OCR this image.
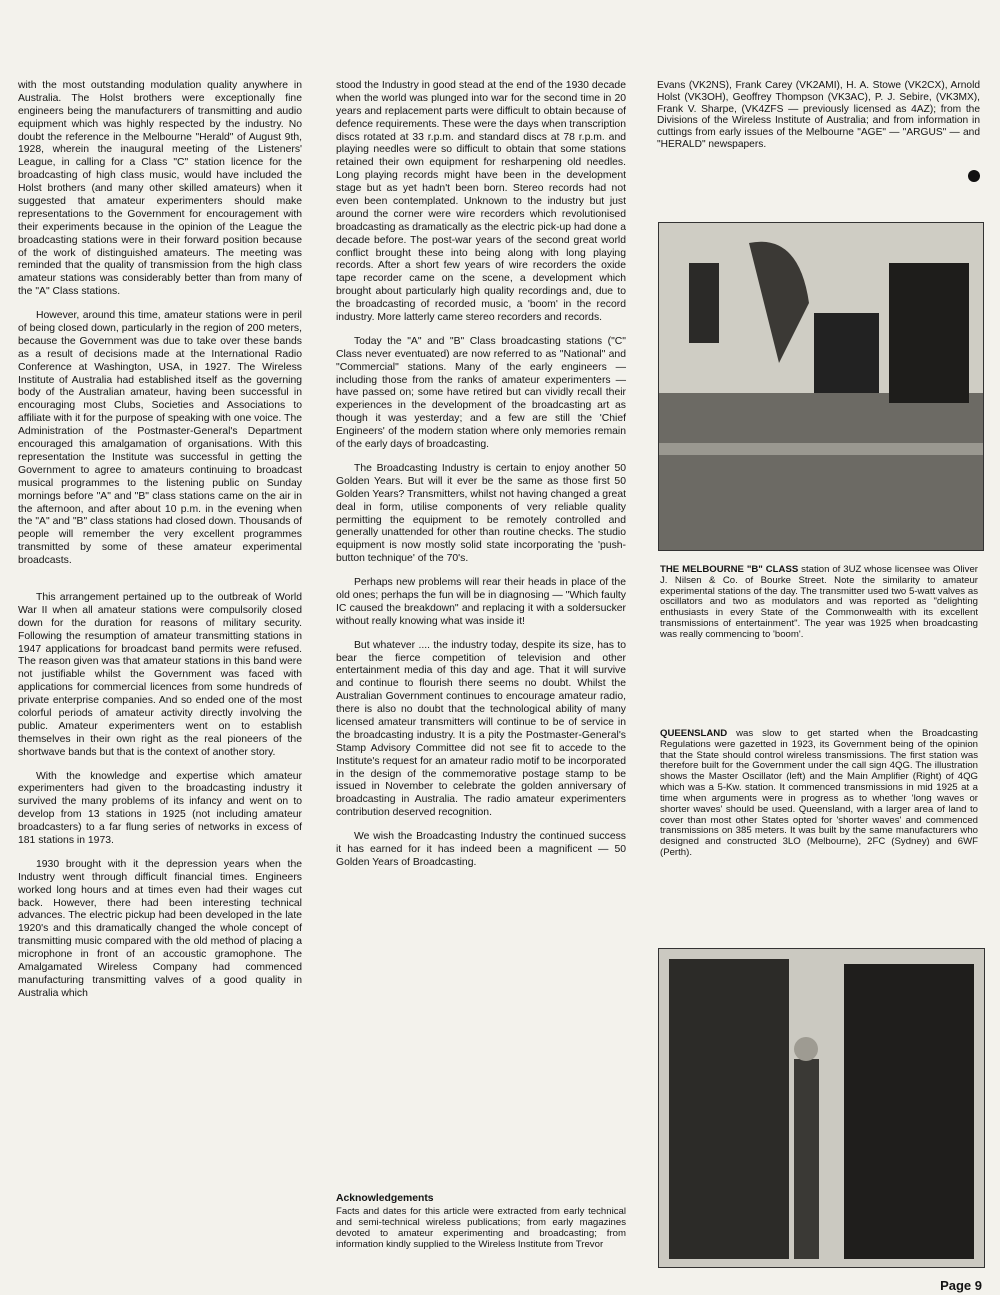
with the most outstanding modulation quality anywhere in Australia. The Holst brothers were exceptionally fine engineers being the manufacturers of transmitting and audio equipment which was highly respected by the industry. No doubt the reference in the Melbourne "Herald" of August 9th, 1928, wherein the inaugural meeting of the Listeners' League, in calling for a Class "C" station licence for the broadcasting of high class music, would have included the Holst brothers (and many other skilled amateurs) when it suggested that amateur experimenters should make representations to the Government for encouragement with their experiments because in the opinion of the League the broadcasting stations were in their forward position because of the work of distinguished amateurs. The meeting was reminded that the quality of transmission from the high class amateur stations was considerably better than from many of the "A" Class stations.

However, around this time, amateur stations were in peril of being closed down, particularly in the region of 200 meters, because the Government was due to take over these bands as a result of decisions made at the International Radio Conference at Washington, USA, in 1927. The Wireless Institute of Australia had established itself as the governing body of the Australian amateur, having been successful in encouraging most Clubs, Societies and Associations to affiliate with it for the purpose of speaking with one voice. The Administration of the Postmaster-General's Department encouraged this amalgamation of organisations. With this representation the Institute was successful in getting the Government to agree to amateurs continuing to broadcast musical programmes to the listening public on Sunday mornings before "A" and "B" class stations came on the air in the afternoon, and after about 10 p.m. in the evening when the "A" and "B" class stations had closed down. Thousands of people will remember the very excellent programmes transmitted by some of these amateur experimental broadcasts.

This arrangement pertained up to the outbreak of World War II when all amateur stations were compulsorily closed down for the duration for reasons of military security. Following the resumption of amateur transmitting stations in 1947 applications for broadcast band permits were refused. The reason given was that amateur stations in this band were not justifiable whilst the Government was faced with applications for commercial licences from some hundreds of private enterprise companies. And so ended one of the most colorful periods of amateur activity directly involving the public. Amateur experimenters went on to establish themselves in their own right as the real pioneers of the shortwave bands but that is the context of another story.

With the knowledge and expertise which amateur experimenters had given to the broadcasting industry it survived the many problems of its infancy and went on to develop from 13 stations in 1925 (not including amateur broadcasters) to a far flung series of networks in excess of 181 stations in 1973.

1930 brought with it the depression years when the Industry went through difficult financial times. Engineers worked long hours and at times even had their wages cut back. However, there had been interesting technical advances. The electric pickup had been developed in the late 1920's and this dramatically changed the whole concept of transmitting music compared with the old method of placing a microphone in front of an accoustic gramophone. The Amalgamated Wireless Company had commenced manufacturing transmitting valves of a good quality in Australia which

stood the Industry in good stead at the end of the 1930 decade when the world was plunged into war for the second time in 20 years and replacement parts were difficult to obtain because of defence requirements. These were the days when transcription discs rotated at 33 r.p.m. and standard discs at 78 r.p.m. and playing needles were so difficult to obtain that some stations retained their own equipment for resharpening old needles. Long playing records might have been in the development stage but as yet hadn't been born. Stereo records had not even been contemplated. Unknown to the industry but just around the corner were wire recorders which revolutionised broadcasting as dramatically as the electric pick-up had done a decade before. The post-war years of the second great world conflict brought these into being along with long playing records. After a short few years of wire recorders the oxide tape recorder came on the scene, a development which brought about particularly high quality recordings and, due to the broadcasting of recorded music, a 'boom' in the record industry. More latterly came stereo recorders and records.

Today the "A" and "B" Class broadcasting stations ("C" Class never eventuated) are now referred to as "National" and "Commercial" stations. Many of the early engineers — including those from the ranks of amateur experimenters — have passed on; some have retired but can vividly recall their experiences in the development of the broadcasting art as though it was yesterday; and a few are still the 'Chief Engineers' of the modern station where only memories remain of the early days of broadcasting.

The Broadcasting Industry is certain to enjoy another 50 Golden Years. But will it ever be the same as those first 50 Golden Years? Transmitters, whilst not having changed a great deal in form, utilise components of very reliable quality permitting the equipment to be remotely controlled and generally unattended for other than routine checks. The studio equipment is now mostly solid state incorporating the 'push-button technique' of the 70's.

Perhaps new problems will rear their heads in place of the old ones; perhaps the fun will be in diagnosing — "Which faulty IC caused the breakdown" and replacing it with a soldersucker without really knowing what was inside it!

But whatever .... the industry today, despite its size, has to bear the fierce competition of television and other entertainment media of this day and age. That it will survive and continue to flourish there seems no doubt. Whilst the Australian Government continues to encourage amateur radio, there is also no doubt that the technological ability of many licensed amateur transmitters will continue to be of service in the broadcasting industry. It is a pity the Postmaster-General's Stamp Advisory Committee did not see fit to accede to the Institute's request for an amateur radio motif to be incorporated in the design of the commemorative postage stamp to be issued in November to celebrate the golden anniversary of broadcasting in Australia. The radio amateur experimenters contribution deserved recognition.

We wish the Broadcasting Industry the continued success it has earned for it has indeed been a magnificent — 50 Golden Years of Broadcasting.

Acknowledgements
Facts and dates for this article were extracted from early technical and semi-technical wireless publications; from early magazines devoted to amateur experimenting and broadcasting; from information kindly supplied to the Wireless Institute from Trevor

Evans (VK2NS), Frank Carey (VK2AMI), H. A. Stowe (VK2CX), Arnold Holst (VK3OH), Geoffrey Thompson (VK3AC), P. J. Sebire, (VK3MX), Frank V. Sharpe, (VK4ZFS — previously licensed as 4AZ); from the Divisions of the Wireless Institute of Australia; and from information in cuttings from early issues of the Melbourne "AGE" — "ARGUS" — and "HERALD" newspapers.

THE MELBOURNE "B" CLASS station of 3UZ whose licensee was Oliver J. Nilsen & Co. of Bourke Street. Note the similarity to amateur experimental stations of the day. The transmitter used two 5-watt valves as oscillators and two as modulators and was reported as "delighting enthusiasts in every State of the Commonwealth with its excellent transmissions of entertainment". The year was 1925 when broadcasting was really commencing to 'boom'.
QUEENSLAND was slow to get started when the Broadcasting Regulations were gazetted in 1923, its Government being of the opinion that the State should control wireless transmissions. The first station was therefore built for the Government under the call sign 4QG. The illustration shows the Master Oscillator (left) and the Main Amplifier (Right) of 4QG which was a 5-Kw. station. It commenced transmissions in mid 1925 at a time when arguments were in progress as to whether 'long waves or shorter waves' should be used. Queensland, with a larger area of land to cover than most other States opted for 'shorter waves' and commenced transmissions on 385 meters. It was built by the same manufacturers who designed and constructed 3LO (Melbourne), 2FC (Sydney) and 6WF (Perth).
Page 9
